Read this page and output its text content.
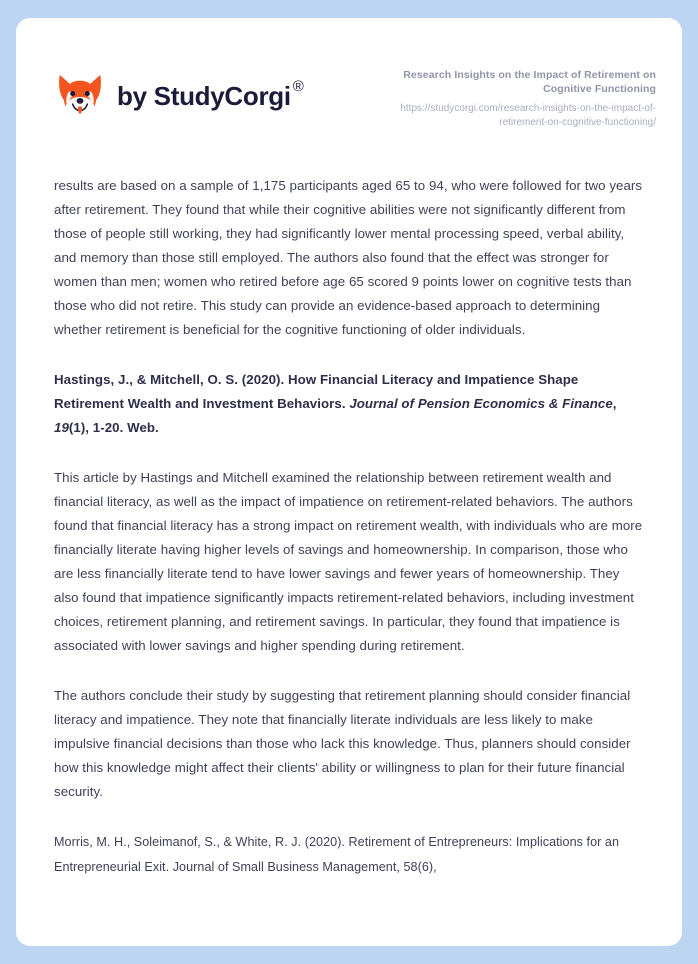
by StudyCorgi ®

Research Insights on the Impact of Retirement on Cognitive Functioning

https://studycorgi.com/research-insights-on-the-impact-of-retirement-on-cognitive-functioning/

results are based on a sample of 1,175 participants aged 65 to 94, who were followed for two years after retirement. They found that while their cognitive abilities were not significantly different from those of people still working, they had significantly lower mental processing speed, verbal ability, and memory than those still employed. The authors also found that the effect was stronger for women than men; women who retired before age 65 scored 9 points lower on cognitive tests than those who did not retire. This study can provide an evidence-based approach to determining whether retirement is beneficial for the cognitive functioning of older individuals.

Hastings, J., & Mitchell, O. S. (2020). How Financial Literacy and Impatience Shape Retirement Wealth and Investment Behaviors. Journal of Pension Economics & Finance, 19(1), 1-20. Web.

This article by Hastings and Mitchell examined the relationship between retirement wealth and financial literacy, as well as the impact of impatience on retirement-related behaviors. The authors found that financial literacy has a strong impact on retirement wealth, with individuals who are more financially literate having higher levels of savings and homeownership. In comparison, those who are less financially literate tend to have lower savings and fewer years of homeownership. They also found that impatience significantly impacts retirement-related behaviors, including investment choices, retirement planning, and retirement savings. In particular, they found that impatience is associated with lower savings and higher spending during retirement.

The authors conclude their study by suggesting that retirement planning should consider financial literacy and impatience. They note that financially literate individuals are less likely to make impulsive financial decisions than those who lack this knowledge. Thus, planners should consider how this knowledge might affect their clients' ability or willingness to plan for their future financial security.

Morris, M. H., Soleimanof, S., & White, R. J. (2020). Retirement of Entrepreneurs: Implications for an Entrepreneurial Exit. Journal of Small Business Management, 58(6),
